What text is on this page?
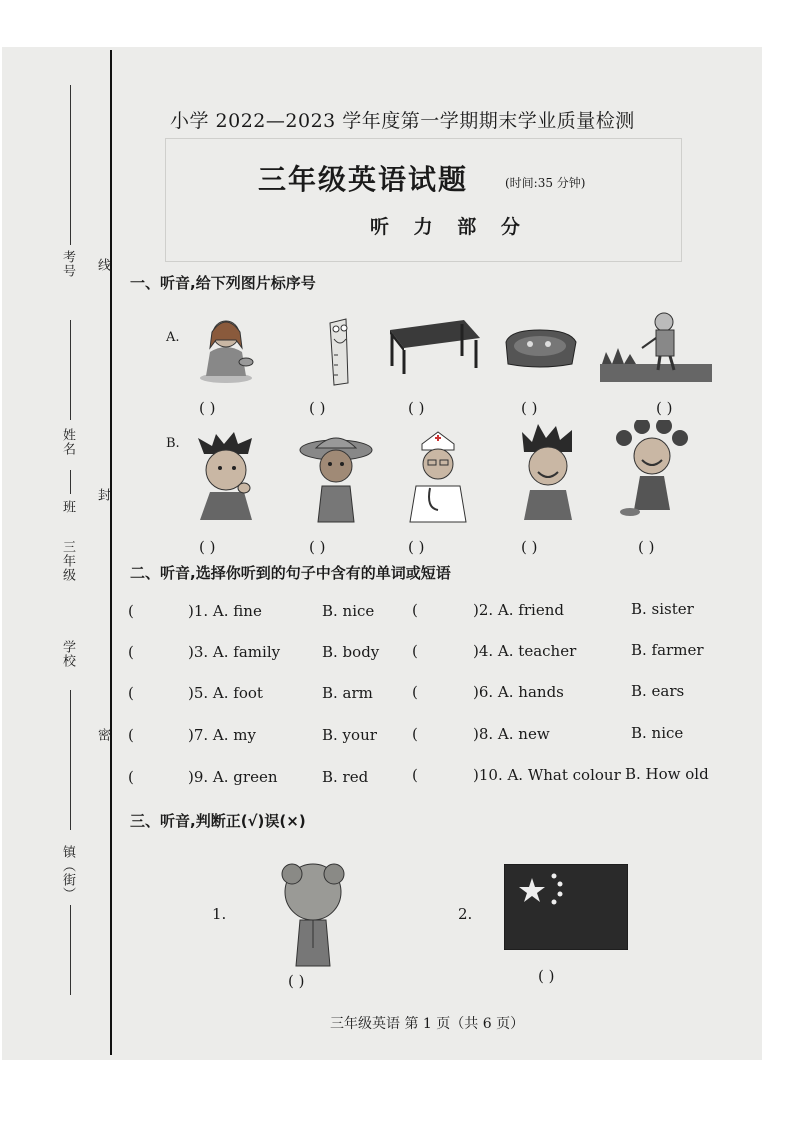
考号
姓名
班
三年级
学校
镇（街）
线
封
密
小学 2022—2023 学年度第一学期期末学业质量检测
三年级英语试题	(时间:35 分钟)
听 力 部 分
一、听音,给下列图片标序号
A.
( )	( )	( )	( )	( )
B.
( )	( )	( )	( )	( )
二、听音,选择你听到的句子中含有的单词或短语
(	)1. A. fine	B. nice	(	)2. A. friend	B. sister
(	)3. A. family	B. body (	)4. A. teacher	B. farmer
(	)5. A. foot	B. arm	(	)6. A. hands	B. ears
(	)7. A. my	B. your (	)8. A. new	B. nice
(	)9. A. green	B. red	(	)10. A. What colour B. How old
三、听音,判断正(√)误(×)
1.
( )
2.
( )
三年级英语 第 1 页（共 6 页）
